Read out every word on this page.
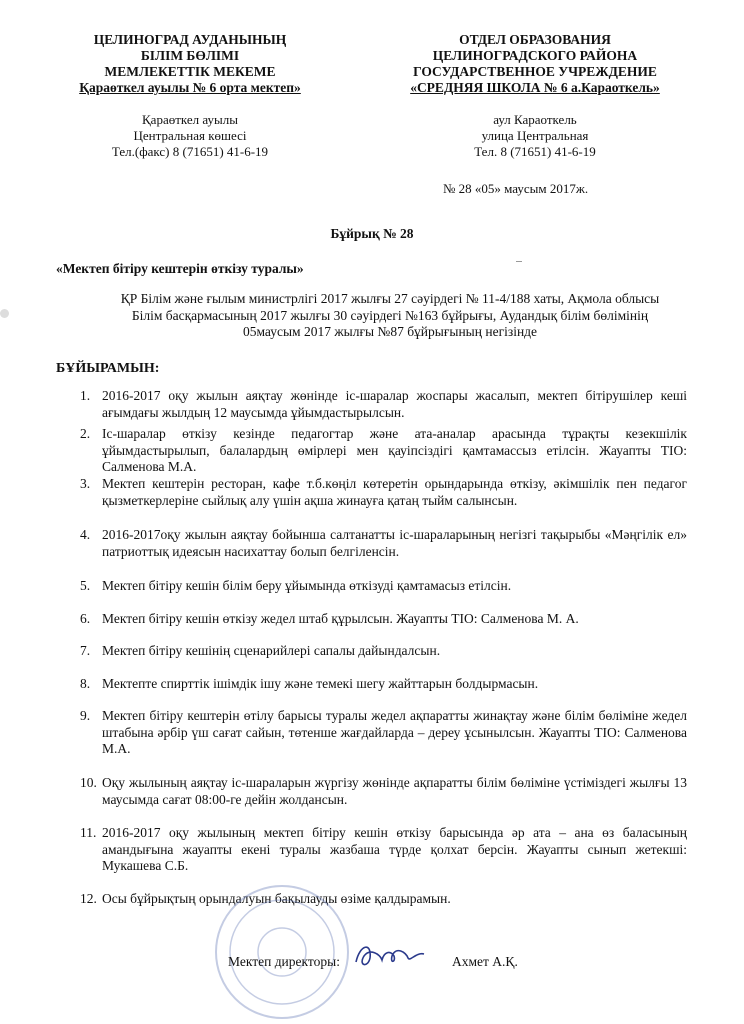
ЦЕЛИНОГРАД АУДАНЫНЫҢ
БІЛІМ БӨЛІМІ
МЕМЛЕКЕТТІК МЕКЕМЕ
Қараөткел ауылы № 6 орта мектеп»
ОТДЕЛ ОБРАЗОВАНИЯ
ЦЕЛИНОГРАДСКОГО РАЙОНА
ГОСУДАРСТВЕННОЕ УЧРЕЖДЕНИЕ
«СРЕДНЯЯ ШКОЛА № 6 а.Караоткель»
Қараөткел ауылы
Центральная көшесі
Тел.(факс) 8 (71651) 41-6-19
аул Караоткель
улица Центральная
Тел. 8 (71651) 41-6-19
№ 28 «05» маусым 2017ж.
Бұйрық № 28
«Мектеп бітіру кештерін өткізу туралы»
ҚР Білім және ғылым министрлігі 2017 жылғы 27 сәуірдегі № 11-4/188 хаты, Ақмола облысы
Білім басқармасының 2017 жылғы 30 сәуірдегі №163 бұйрығы, Аудандық білім бөлімінің
05маусым 2017 жылғы №87 бұйрығының негізінде
БҰЙЫРАМЫН:
1. 2016-2017 оқу жылын аяқтау жөнінде іс-шаралар жоспары жасалып, мектеп бітірушілер кеші ағымдағы жылдың 12 маусымда ұйымдастырылсын.
2. Іс-шаралар өткізу кезінде педагогтар және ата-аналар арасында тұрақты кезекшілік ұйымдастырылып, балалардың өмірлері мен қауіпсіздігі қамтамассыз етілсін. Жауапты ТІО: Салменова М.А.
3. Мектеп кештерін ресторан, кафе т.б.көңіл көтеретін орындарында өткізу, әкімшілік пен педагог қызметкерлеріне сыйлық алу үшін ақша жинауға қатаң тыйм салынсын.
4. 2016-2017оқу жылын аяқтау бойынша салтанатты іс-шараларының негізгі тақырыбы «Мәңгілік ел» патриоттық идеясын насихаттау болып белгіленсін.
5. Мектеп бітіру кешін білім беру ұйымында өткізуді қамтамасыз етілсін.
6. Мектеп бітіру кешін өткізу жедел штаб құрылсын. Жауапты ТІО: Салменова М. А.
7. Мектеп бітіру кешінің сценарийлері сапалы дайындалсын.
8. Мектепте спирттік ішімдік ішу және темекі шегу жайттарын болдырмасын.
9. Мектеп бітіру кештерін өтілу барысы туралы жедел ақпаратты жинақтау және білім бөліміне жедел штабына әрбір үш сағат сайын, төтенше жағдайларда – дереу ұсынылсын. Жауапты ТІО: Салменова М.А.
10. Оқу жылының аяқтау іс-шараларын жүргізу жөнінде ақпаратты білім бөліміне үстіміздегі жылғы 13 маусымда сағат 08:00-ге дейін жолдансын.
11. 2016-2017 оқу жылының мектеп бітіру кешін өткізу барысында әр ата – ана өз баласының амандығына жауапты екені туралы жазбаша түрде қолхат берсін. Жауапты сынып жетекші: Мукашева С.Б.
12. Осы бұйрықтың орындалуын бақылауды өзіме қалдырамын.
Мектеп директоры:	Ахмет А.Қ.
